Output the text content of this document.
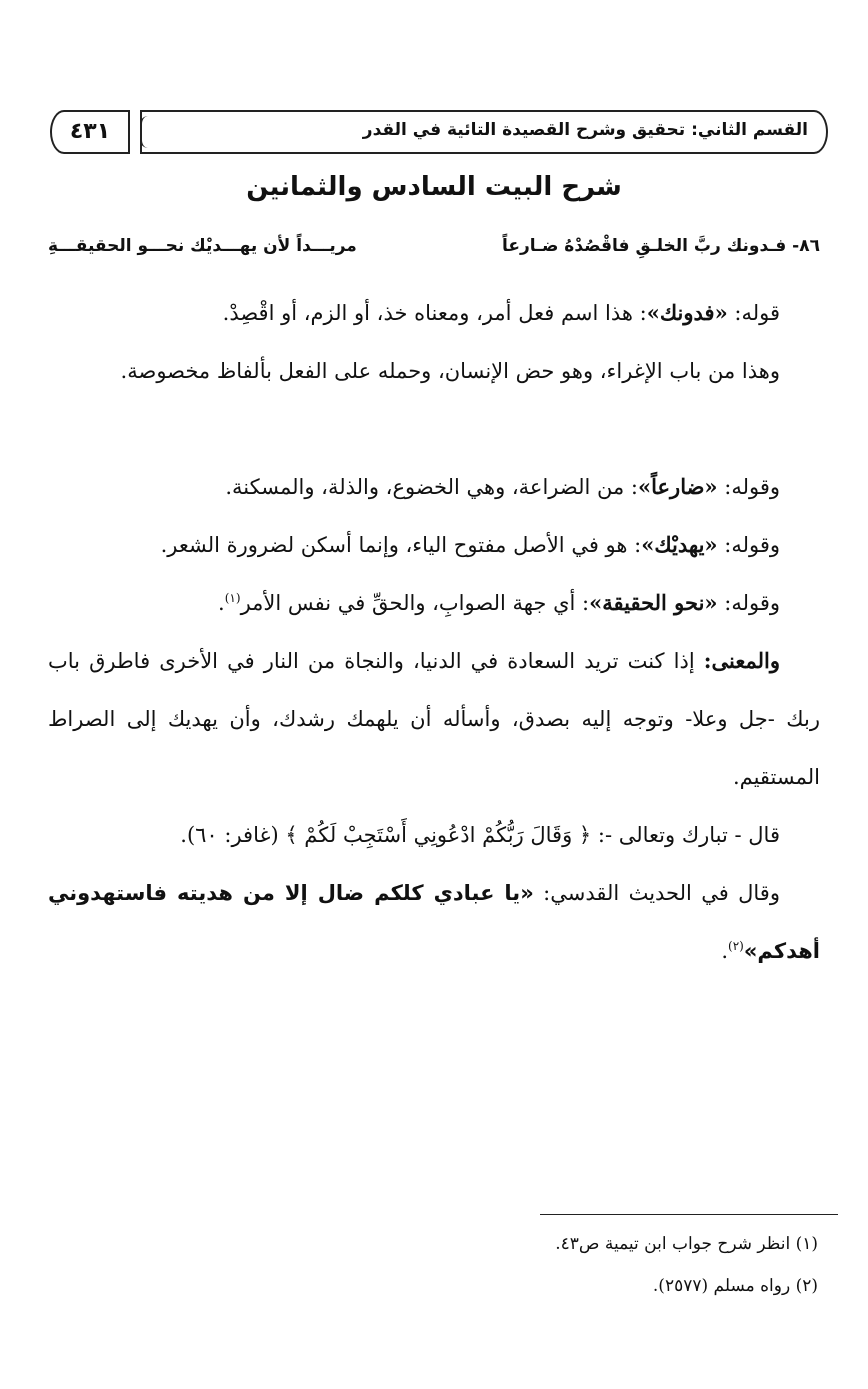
القسم الثاني: تحقيق وشرح القصيدة التائية في القدر
٤٣١
شرح البيت السادس والثمانين
٨٦- فـدونك ربَّ الخلـقِ فاقْصُدْهُ ضـارعاً
مريـــداً لأن يهـــديْك نحـــو الحقيقـــةِ

قوله: «فدونك»: هذا اسم فعل أمر، ومعناه خذ، أو الزم، أو اقْصِدْ.

وهذا من باب الإغراء، وهو حض الإنسان، وحمله على الفعل بألفاظ مخصوصة.

وقوله: «ضارعاً»: من الضراعة، وهي الخضوع، والذلة، والمسكنة.

وقوله: «يهديْك»: هو في الأصل مفتوح الياء، وإنما أسكن لضرورة الشعر.

وقوله: «نحو الحقيقة»: أي جهة الصوابِ، والحقِّ في نفس الأمر$^{(١)}$.

والمعنى: إذا كنت تريد السعادة في الدنيا، والنجاة من النار في الأخرى فاطرق باب ربك -جل وعلا- وتوجه إليه بصدق، وأسأله أن يلهمك رشدك، وأن يهديك إلى الصراط المستقيم.

قال - تبارك وتعالى -: ﴿ وَقَالَ رَبُّكُمْ ادْعُونِي أَسْتَجِبْ لَكُمْ ﴾ (غافر: ٦٠).

وقال في الحديث القدسي: «يا عبادي كلكم ضال إلا من هديته فاستهدوني أهدكم»$^{(٢)}$.

(١) انظر شرح جواب ابن تيمية ص٤٣.
(٢) رواه مسلم (٢٥٧٧).
